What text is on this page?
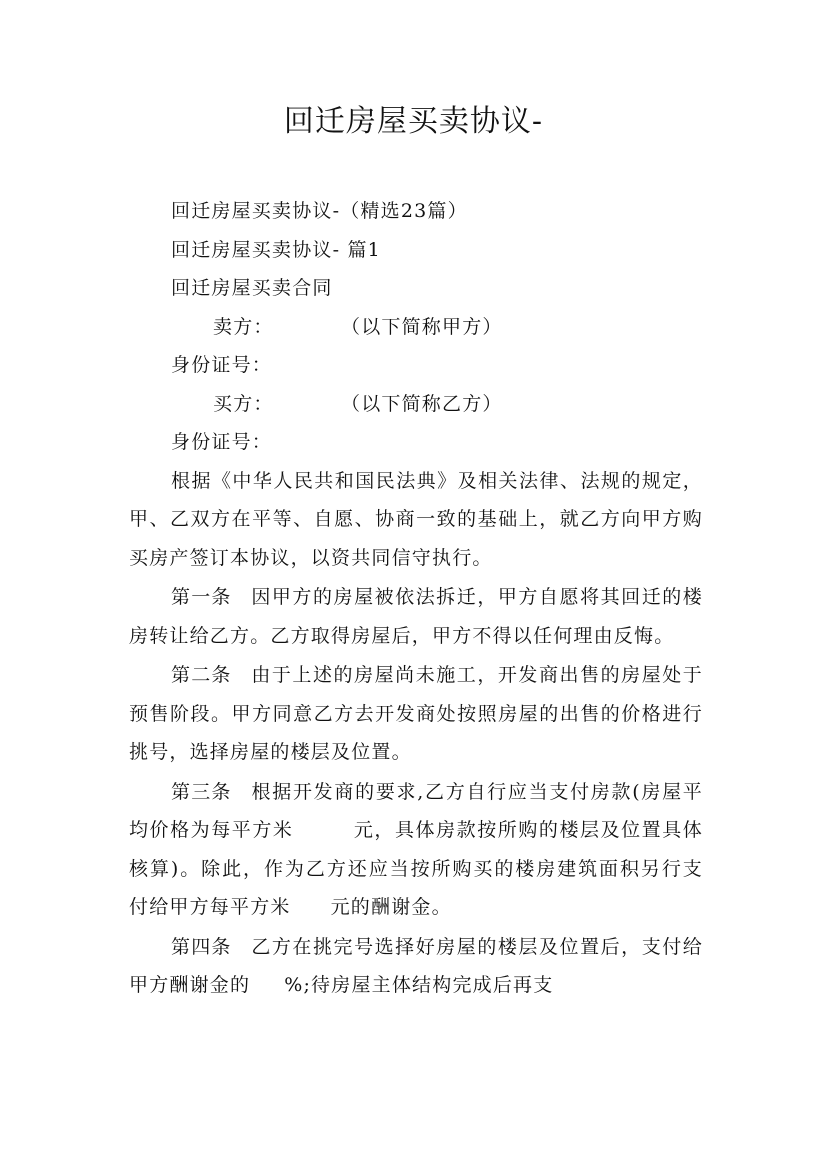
回迁房屋买卖协议-
回迁房屋买卖协议-（精选23篇）
回迁房屋买卖协议- 篇1
回迁房屋买卖合同
卖方：	（以下简称甲方）
身份证号：
买方：	（以下简称乙方）
身份证号：
根据《中华人民共和国民法典》及相关法律、法规的规定，甲、乙双方在平等、自愿、协商一致的基础上，就乙方向甲方购买房产签订本协议，以资共同信守执行。
第一条 因甲方的房屋被依法拆迁，甲方自愿将其回迁的楼房转让给乙方。乙方取得房屋后，甲方不得以任何理由反悔。
第二条 由于上述的房屋尚未施工，开发商出售的房屋处于预售阶段。甲方同意乙方去开发商处按照房屋的出售的价格进行挑号，选择房屋的楼层及位置。
第三条 根据开发商的要求,乙方自行应当支付房款(房屋平均价格为每平方米	元，具体房款按所购的楼层及位置具体核算)。除此，作为乙方还应当按所购买的楼房建筑面积另行支付给甲方每平方米 元的酬谢金。
第四条 乙方在挑完号选择好房屋的楼层及位置后，支付给甲方酬谢金的 %;待房屋主体结构完成后再支
